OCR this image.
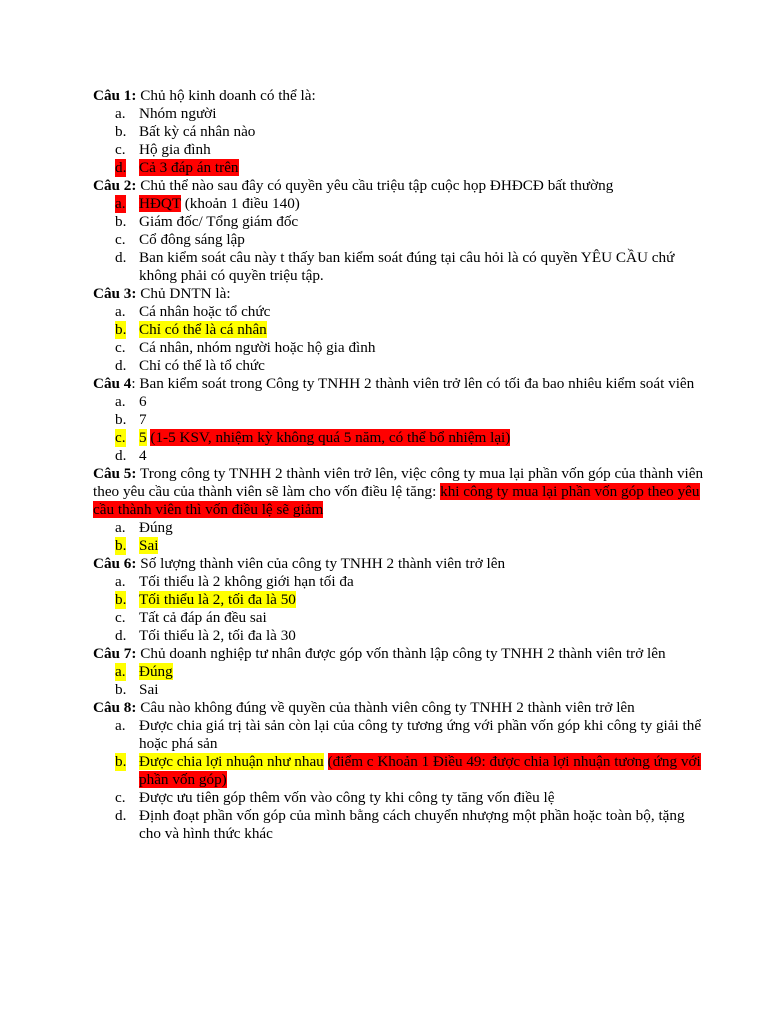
Câu 1: Chủ hộ kinh doanh có thể là:

a. Nhóm người
b. Bất kỳ cá nhân nào
c. Hộ gia đình
d. Cả 3 đáp án trên

Câu 2: Chủ thể nào sau đây có quyền yêu cầu triệu tập cuộc họp ĐHĐCĐ bất thường

a. HĐQT (khoản 1 điều 140)
b. Giám đốc/ Tổng giám đốc
c. Cổ đông sáng lập
d. Ban kiểm soát câu này t thấy ban kiểm soát đúng tại câu hỏi là có quyền YÊU CẦU chứ không phải có quyền triệu tập.

Câu 3: Chủ DNTN là:

a. Cá nhân hoặc tổ chức
b. Chỉ có thể là cá nhân
c. Cá nhân, nhóm người hoặc hộ gia đình
d. Chỉ có thể là tổ chức

Câu 4: Ban kiểm soát trong Công ty TNHH 2 thành viên trở lên có tối đa bao nhiêu kiểm soát viên

a. 6
b. 7
c. 5 (1-5 KSV, nhiệm kỳ không quá 5 năm, có thể bổ nhiệm lại)
d. 4

Câu 5: Trong công ty TNHH 2 thành viên trở lên, việc công ty mua lại phần vốn góp của thành viên theo yêu cầu của thành viên sẽ làm cho vốn điều lệ tăng: khi công ty mua lại phần vốn góp theo yêu cầu thành viên thì vốn điều lệ sẽ giảm

a. Đúng
b. Sai

Câu 6: Số lượng thành viên của công ty TNHH 2 thành viên trở lên

a. Tối thiểu là 2 không giới hạn tối đa
b. Tối thiểu là 2, tối đa là 50
c. Tất cả đáp án đều sai
d. Tối thiểu là 2, tối đa là 30

Câu 7: Chủ doanh nghiệp tư nhân được góp vốn thành lập công ty TNHH 2 thành viên trở lên

a. Đúng
b. Sai

Câu 8: Câu nào không đúng về quyền của thành viên công ty TNHH 2 thành viên trở lên

a. Được chia giá trị tài sản còn lại của công ty tương ứng với phần vốn góp khi công ty giải thể hoặc phá sản
b. Được chia lợi nhuận như nhau (điểm c Khoản 1 Điều 49: được chia lợi nhuận tương ứng với phần vốn góp)
c. Được ưu tiên góp thêm vốn vào công ty khi công ty tăng vốn điều lệ
d. Định đoạt phần vốn góp của mình bằng cách chuyển nhượng một phần hoặc toàn bộ, tặng cho và hình thức khác
